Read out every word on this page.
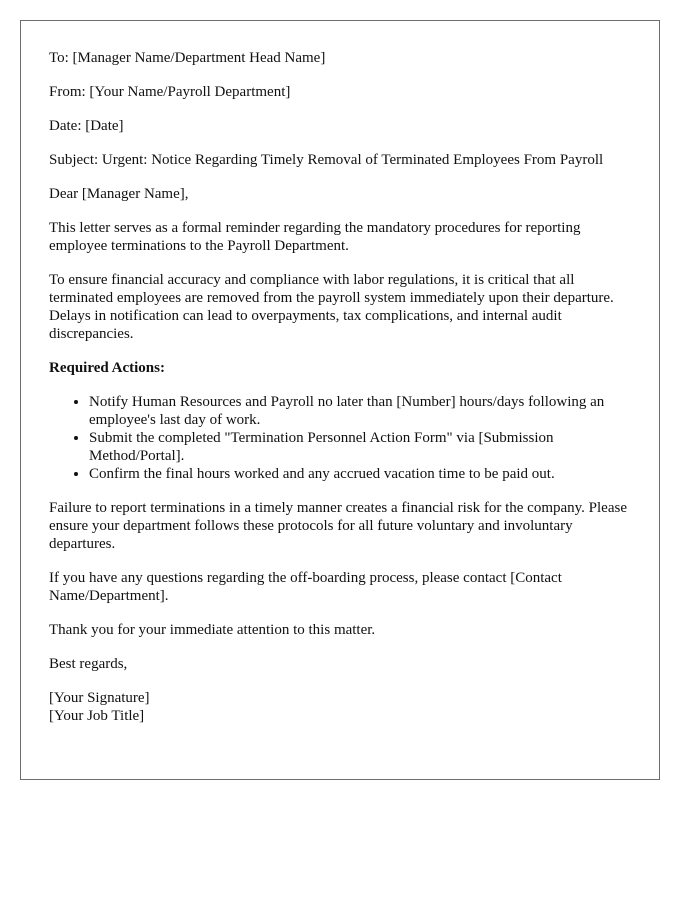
To: [Manager Name/Department Head Name]

From: [Your Name/Payroll Department]

Date: [Date]

Subject: Urgent: Notice Regarding Timely Removal of Terminated Employees From Payroll

Dear [Manager Name],

This letter serves as a formal reminder regarding the mandatory procedures for reporting employee terminations to the Payroll Department.

To ensure financial accuracy and compliance with labor regulations, it is critical that all terminated employees are removed from the payroll system immediately upon their departure. Delays in notification can lead to overpayments, tax complications, and internal audit discrepancies.

Required Actions:

• Notify Human Resources and Payroll no later than [Number] hours/days following an employee's last day of work.
• Submit the completed "Termination Personnel Action Form" via [Submission Method/Portal].
• Confirm the final hours worked and any accrued vacation time to be paid out.

Failure to report terminations in a timely manner creates a financial risk for the company. Please ensure your department follows these protocols for all future voluntary and involuntary departures.

If you have any questions regarding the off-boarding process, please contact [Contact Name/Department].

Thank you for your immediate attention to this matter.

Best regards,

[Your Signature]
[Your Job Title]
